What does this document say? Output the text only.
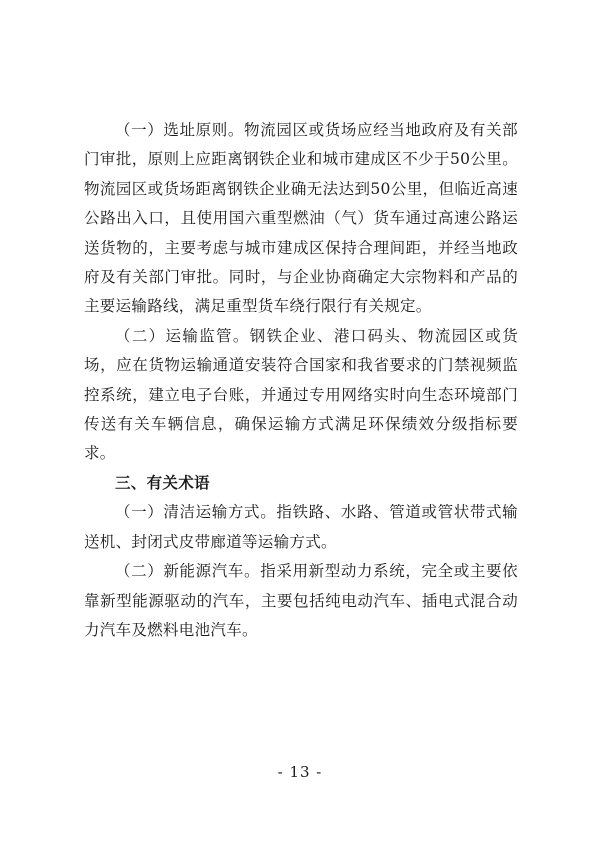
（一）选址原则。物流园区或货场应经当地政府及有关部门审批，原则上应距离钢铁企业和城市建成区不少于50公里。物流园区或货场距离钢铁企业确无法达到50公里，但临近高速公路出入口，且使用国六重型燃油（气）货车通过高速公路运送货物的，主要考虑与城市建成区保持合理间距，并经当地政府及有关部门审批。同时，与企业协商确定大宗物料和产品的主要运输路线，满足重型货车绕行限行有关规定。

（二）运输监管。钢铁企业、港口码头、物流园区或货场，应在货物运输通道安装符合国家和我省要求的门禁视频监控系统，建立电子台账，并通过专用网络实时向生态环境部门传送有关车辆信息，确保运输方式满足环保绩效分级指标要求。

三、有关术语

（一）清洁运输方式。指铁路、水路、管道或管状带式输送机、封闭式皮带廊道等运输方式。

（二）新能源汽车。指采用新型动力系统，完全或主要依靠新型能源驱动的汽车，主要包括纯电动汽车、插电式混合动力汽车及燃料电池汽车。

- 13 -
